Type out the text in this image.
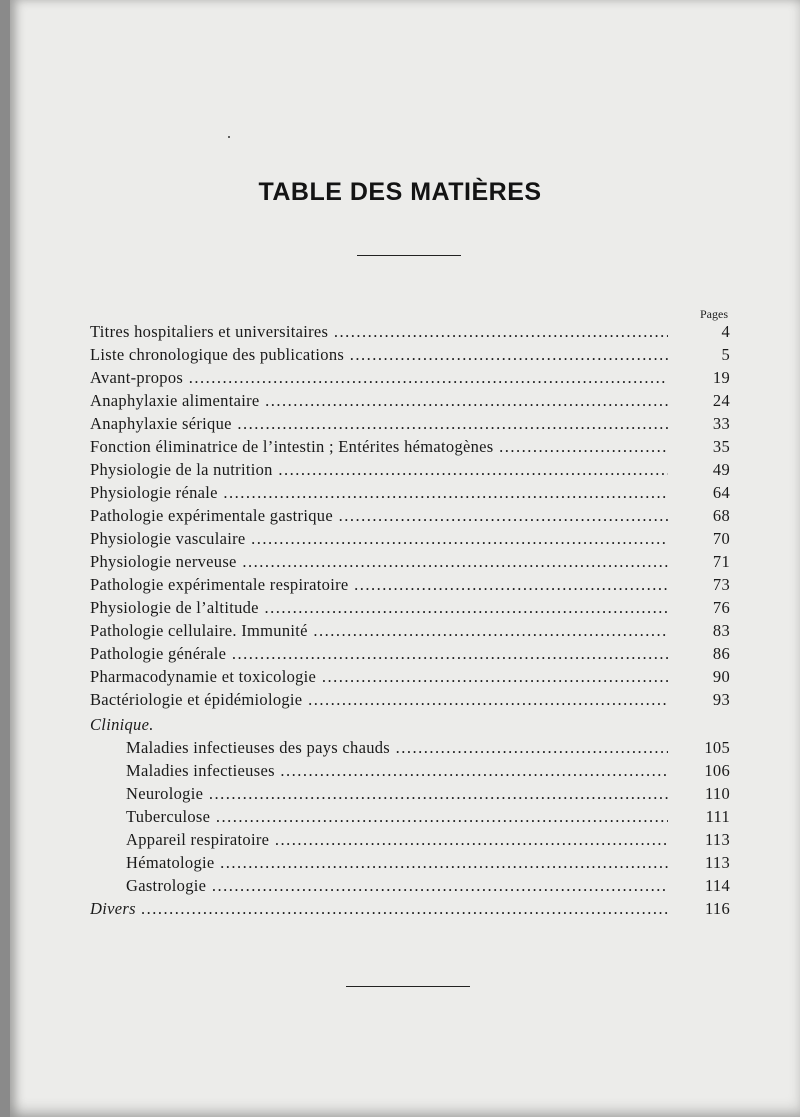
TABLE DES MATIÈRES
Pages
Titres hospitaliers et universitaires .....	4
Liste chronologique des publications .....	5
Avant-propos .....	19
Anaphylaxie alimentaire .....	24
Anaphylaxie sérique .....	33
Fonction éliminatrice de l’intestin ; Entérites hématogènes .....	35
Physiologie de la nutrition .....	49
Physiologie rénale .....	64
Pathologie expérimentale gastrique .....	68
Physiologie vasculaire .....	70
Physiologie nerveuse .....	71
Pathologie expérimentale respiratoire .....	73
Physiologie de l’altitude .....	76
Pathologie cellulaire. Immunité .....	83
Pathologie générale .....	86
Pharmacodynamie et toxicologie .....	90
Bactériologie et épidémiologie .....	93
Clinique.
Maladies infectieuses des pays chauds .....	105
Maladies infectieuses .....	106
Neurologie .....	110
Tuberculose .....	111
Appareil respiratoire .....	113
Hématologie .....	113
Gastrologie .....	114
Divers .....	116
